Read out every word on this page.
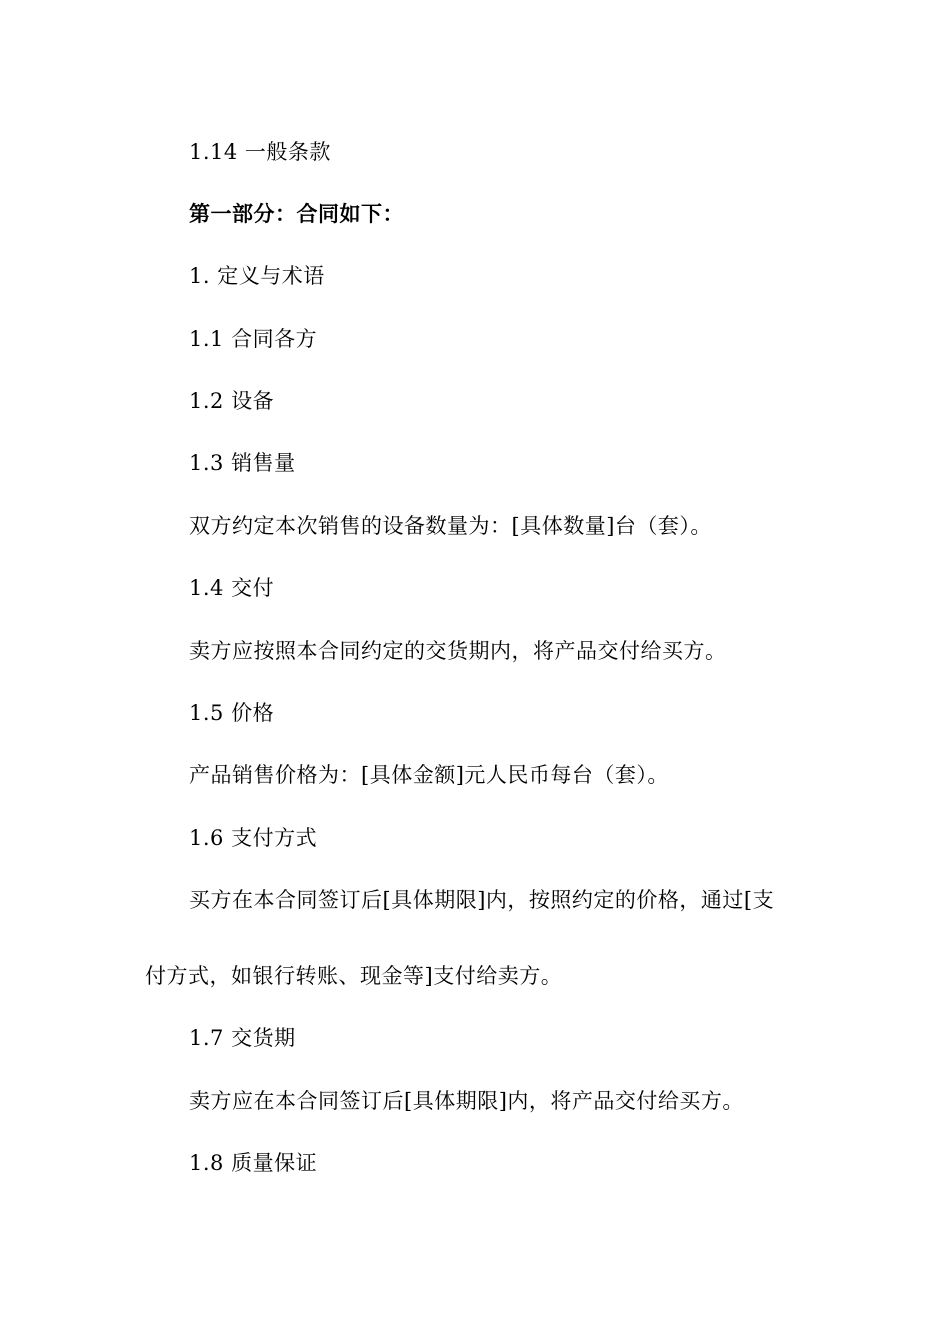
1.14 一般条款
第一部分：合同如下：
1. 定义与术语
1.1 合同各方
1.2 设备
1.3 销售量
双方约定本次销售的设备数量为：[具体数量]台（套）。
1.4 交付
卖方应按照本合同约定的交货期内，将产品交付给买方。
1.5 价格
产品销售价格为：[具体金额]元人民币每台（套）。
1.6 支付方式
买方在本合同签订后[具体期限]内，按照约定的价格，通过[支
付方式，如银行转账、现金等]支付给卖方。
1.7 交货期
卖方应在本合同签订后[具体期限]内，将产品交付给买方。
1.8 质量保证
